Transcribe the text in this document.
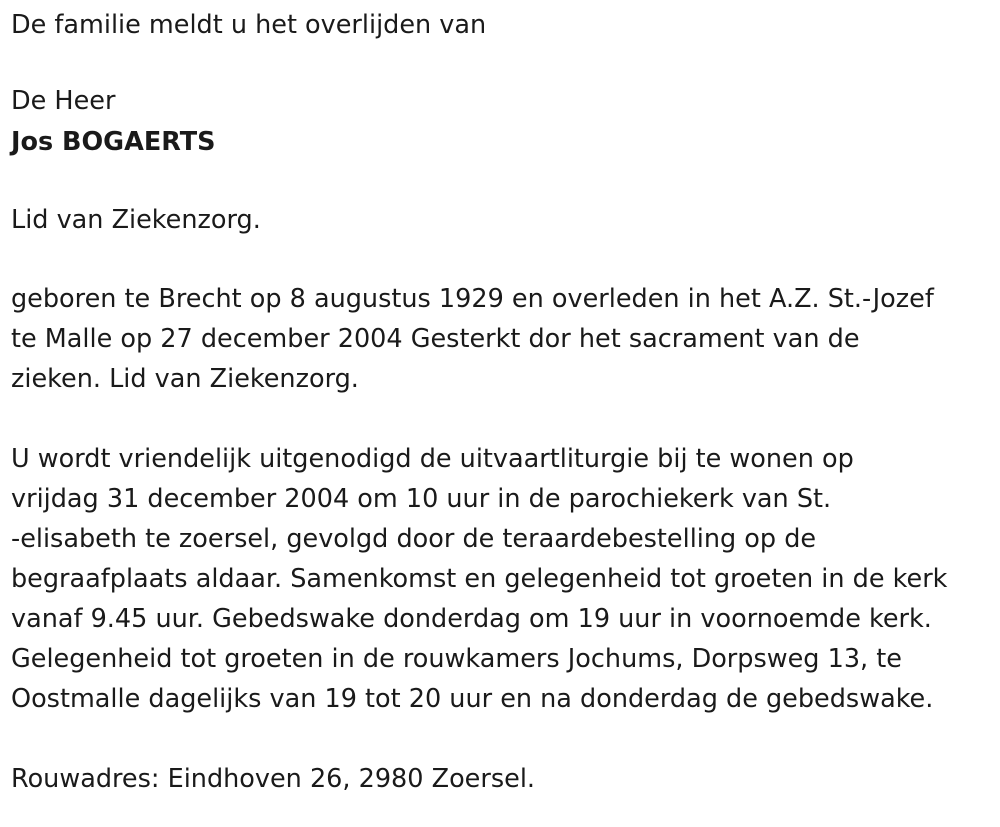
De familie meldt u het overlijden van
De Heer
Jos BOGAERTS
Lid van Ziekenzorg.
geboren te Brecht op 8 augustus 1929 en overleden in het A.Z. St.-Jozef
te Malle op 27 december 2004 Gesterkt dor het sacrament van de
zieken. Lid van Ziekenzorg.
U wordt vriendelijk uitgenodigd de uitvaartliturgie bij te wonen op
vrijdag 31 december 2004 om 10 uur in de parochiekerk van St.
-elisabeth te zoersel, gevolgd door de teraardebestelling op de
begraafplaats aldaar. Samenkomst en gelegenheid tot groeten in de kerk
vanaf 9.45 uur. Gebedswake donderdag om 19 uur in voornoemde kerk.
Gelegenheid tot groeten in de rouwkamers Jochums, Dorpsweg 13, te
Oostmalle dagelijks van 19 tot 20 uur en na donderdag de gebedswake.
Rouwadres: Eindhoven 26, 2980 Zoersel.
